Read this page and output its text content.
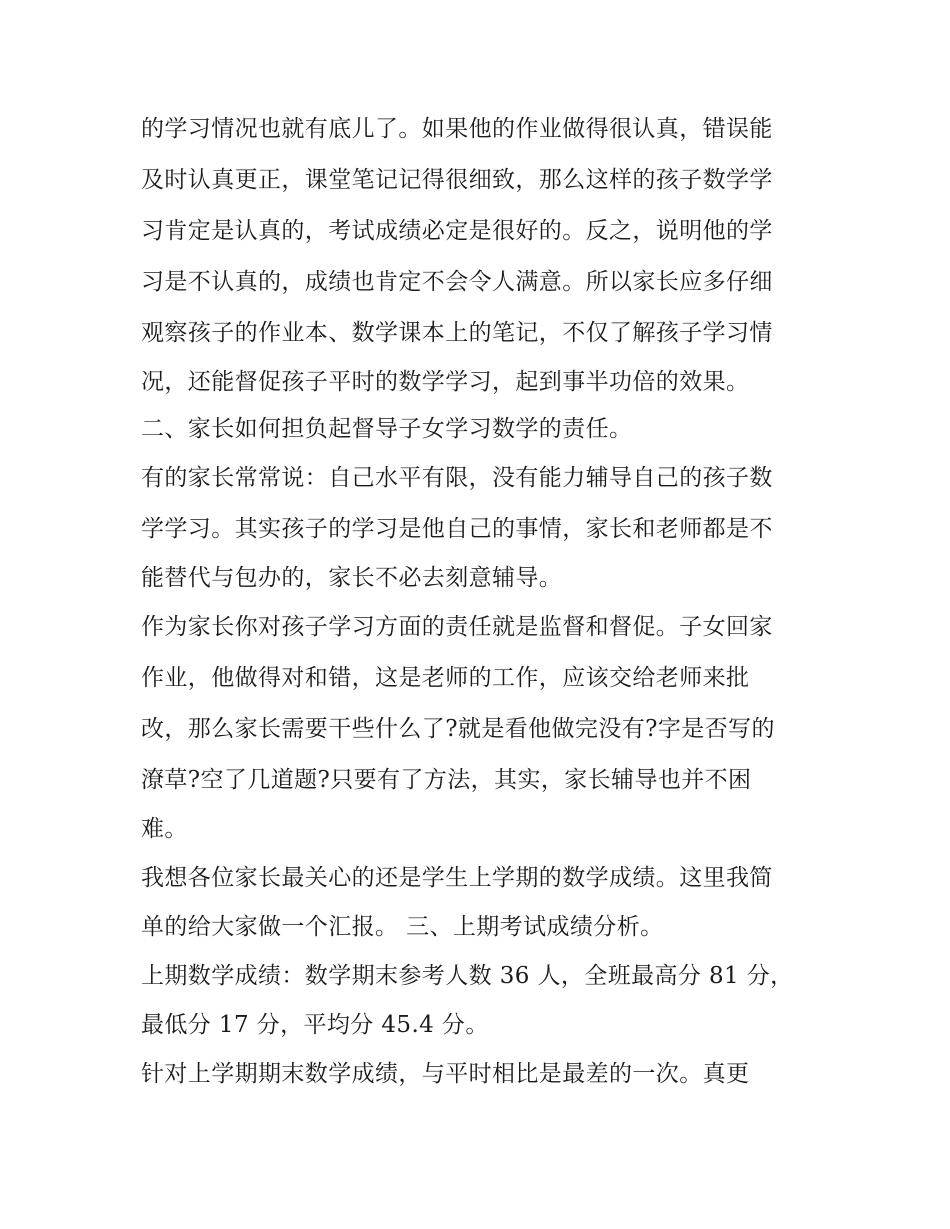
的学习情况也就有底儿了。如果他的作业做得很认真，错误能
及时认真更正，课堂笔记记得很细致，那么这样的孩子数学学
习肯定是认真的，考试成绩必定是很好的。反之，说明他的学
习是不认真的，成绩也肯定不会令人满意。所以家长应多仔细
观察孩子的作业本、数学课本上的笔记，不仅了解孩子学习情
况，还能督促孩子平时的数学学习，起到事半功倍的效果。
二、家长如何担负起督导子女学习数学的责任。
有的家长常常说：自己水平有限，没有能力辅导自己的孩子数
学学习。其实孩子的学习是他自己的事情，家长和老师都是不
能替代与包办的，家长不必去刻意辅导。
作为家长你对孩子学习方面的责任就是监督和督促。子女回家
作业，他做得对和错，这是老师的工作，应该交给老师来批
改，那么家长需要干些什么了?就是看他做完没有?字是否写的
潦草?空了几道题?只要有了方法，其实，家长辅导也并不困
难。
我想各位家长最关心的还是学生上学期的数学成绩。这里我简
单的给大家做一个汇报。 三、上期考试成绩分析。
上期数学成绩：数学期末参考人数 36 人，全班最高分 81 分，
最低分 17 分，平均分 45.4 分。
针对上学期期末数学成绩，与平时相比是最差的一次。真更
